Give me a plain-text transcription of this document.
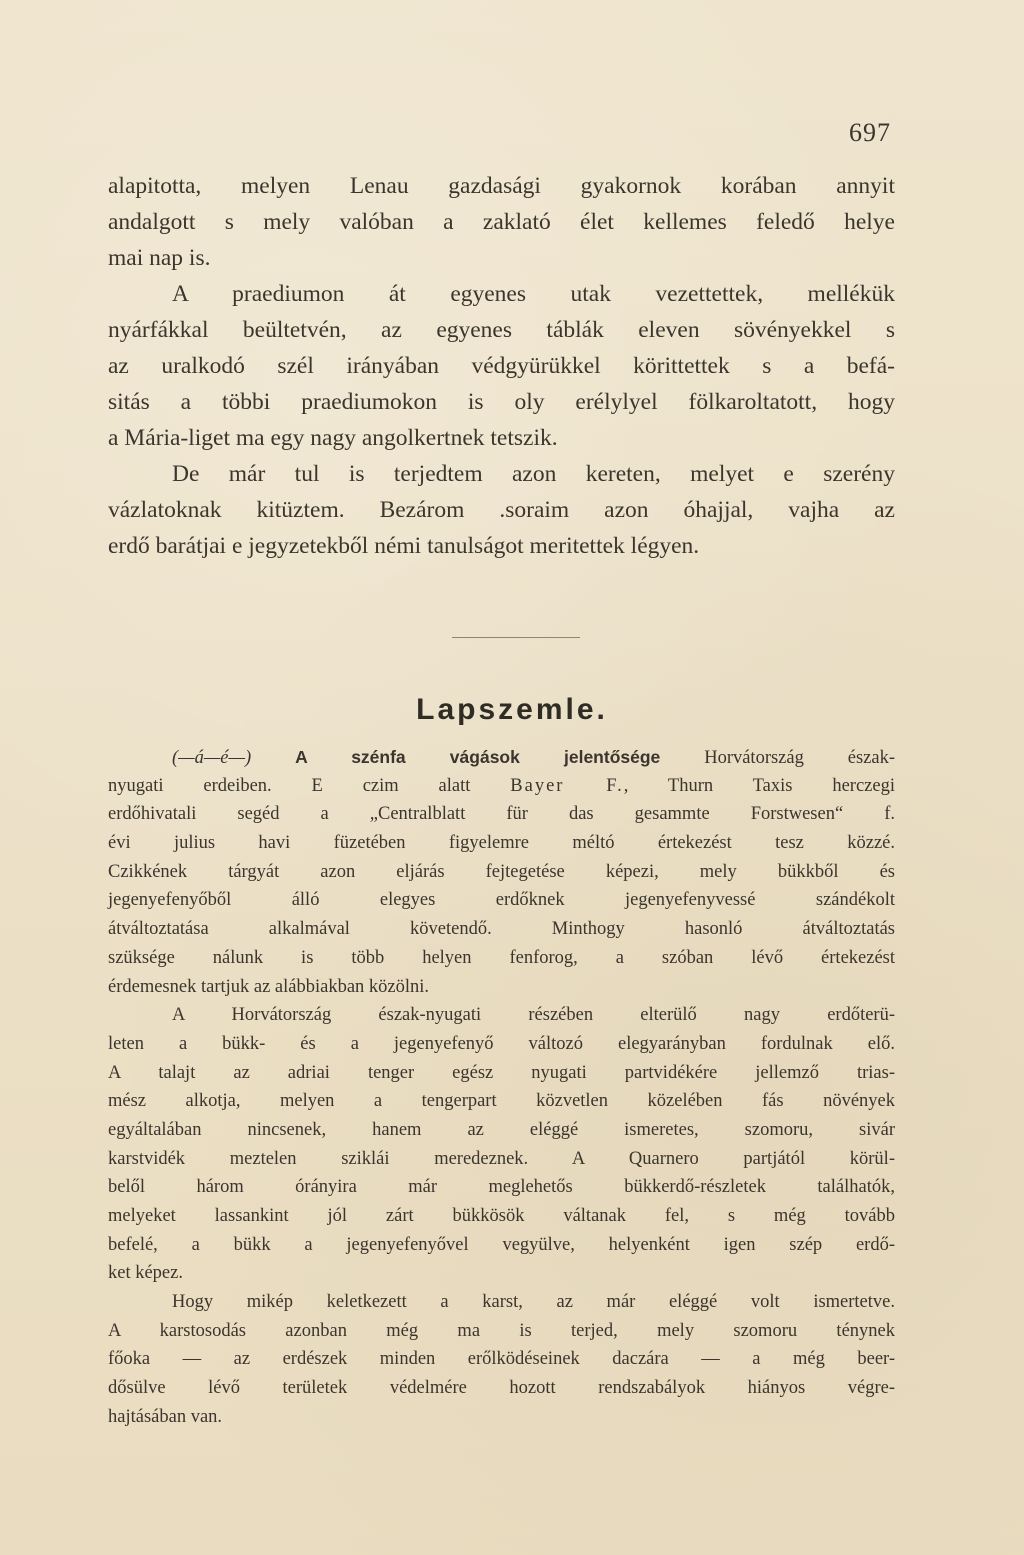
697
alapitotta, melyen Lenau gazdasági gyakornok korában annyit
andalgott s mely valóban a zaklató élet kellemes feledő helye
mai nap is.
A praediumon át egyenes utak vezettettek, mellékük
nyárfákkal beültetvén, az egyenes táblák eleven sövényekkel s
az uralkodó szél irányában védgyürükkel körittettek s a befá-
sitás a többi praediumokon is oly erélylyel fölkaroltatott, hogy
a Mária-liget ma egy nagy angolkertnek tetszik.
De már tul is terjedtem azon kereten, melyet e szerény
vázlatoknak kitüztem. Bezárom .soraim azon óhajjal, vajha az
erdő barátjai e jegyzetekből némi tanulságot meritettek légyen.
Lapszemle.
(—á—é—)	A szénfa vágások jelentősége Horvátország észak-
nyugati erdeiben. E czim alatt Bayer F., Thurn Taxis herczegi
erdőhivatali segéd a „Centralblatt für das gesammte Forstwesen“ f.
évi julius havi füzetében figyelemre méltó értekezést tesz közzé.
Czikkének tárgyát azon eljárás fejtegetése képezi, mely bükkből és
jegenyefenyőből álló elegyes erdőknek jegenyefenyvessé szándékolt
átváltoztatása alkalmával követendő. Minthogy hasonló átváltoztatás
szüksége nálunk is több helyen fenforog, a szóban lévő értekezést
érdemesnek tartjuk az alábbiakban közölni.
A Horvátország észak-nyugati részében elterülő nagy erdőterü-
leten a bükk- és a jegenyefenyő változó elegyarányban fordulnak elő.
A talajt az adriai tenger egész nyugati partvidékére jellemző trias-
mész alkotja, melyen a tengerpart közvetlen közelében fás növények
egyáltalában nincsenek, hanem az eléggé ismeretes, szomoru, sivár
karstvidék meztelen sziklái meredeznek. A Quarnero partjától körül-
belől három órányira már meglehetős bükkerdő-részletek találhatók,
melyeket lassankint jól zárt bükkösök váltanak fel, s még tovább
befelé, a bükk a jegenyefenyővel vegyülve, helyenként igen szép erdő-
ket képez.
Hogy mikép keletkezett a karst, az már eléggé volt ismertetve.
A karstosodás azonban még ma is terjed, mely szomoru ténynek
főoka — az erdészek minden erőlködéseinek daczára — a még beer-
dősülve lévő területek védelmére hozott rendszabályok hiányos végre-
hajtásában van.
